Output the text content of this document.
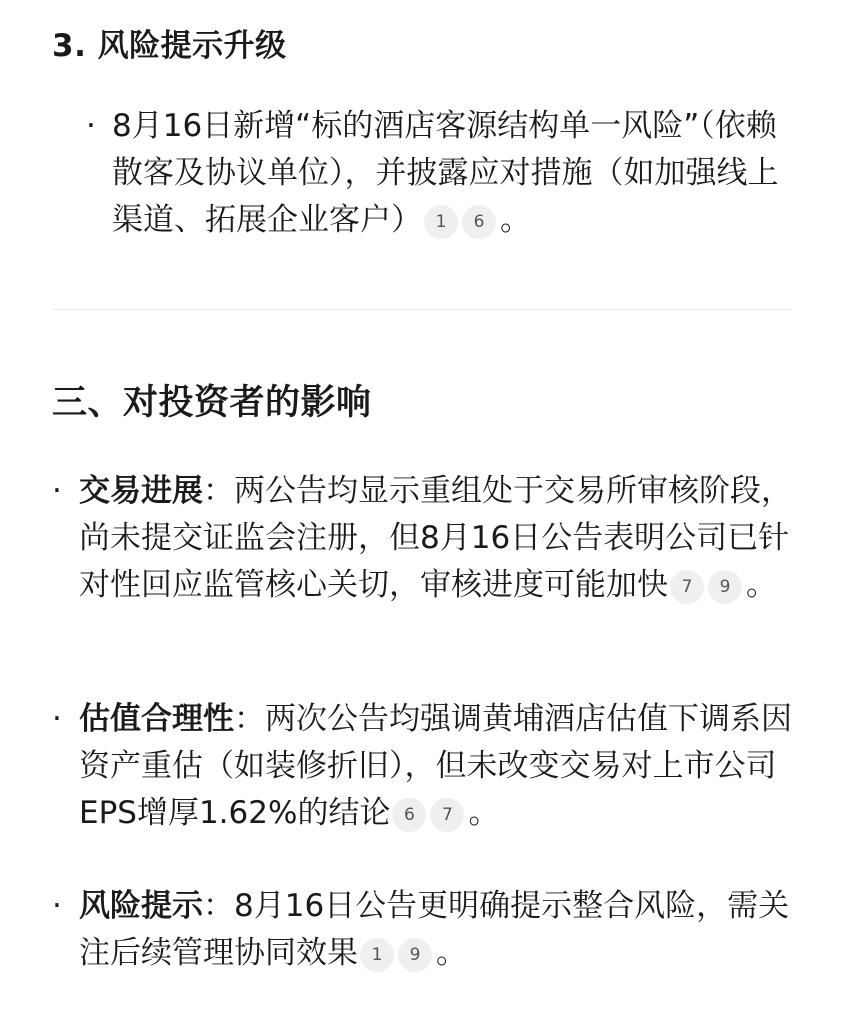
3. 风险提示升级
· 8月16日新增“标的酒店客源结构单一风险”（依赖散客及协议单位），并披露应对措施（如加强线上渠道、拓展企业客户） 1 6 。
三、对投资者的影响
· 交易进展：两公告均显示重组处于交易所审核阶段，尚未提交证监会注册，但8月16日公告表明公司已针对性回应监管核心关切，审核进度可能加快 7 9 。
· 估值合理性：两次公告均强调黄埔酒店估值下调系因资产重估（如装修折旧），但未改变交易对上市公司EPS增厚1.62%的结论 6 7 。
· 风险提示：8月16日公告更明确提示整合风险，需关注后续管理协同效果 1 9 。
